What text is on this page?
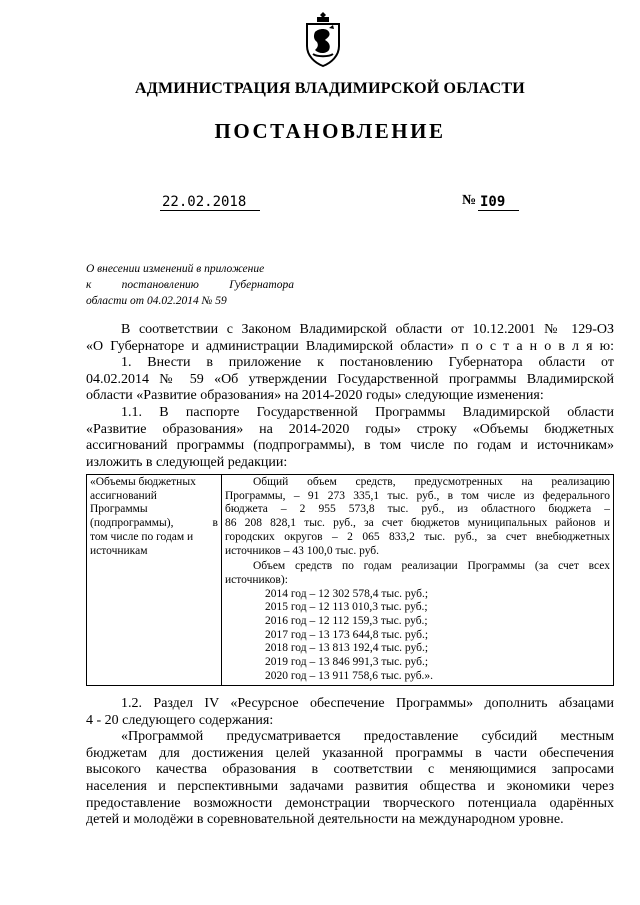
АДМИНИСТРАЦИЯ ВЛАДИМИРСКОЙ ОБЛАСТИ
ПОСТАНОВЛЕНИЕ
22.02.2018	№ I09
О внесении изменений в приложение
к постановлению Губернатора
области от 04.02.2014 № 59
В соответствии с Законом Владимирской области от 10.12.2001 № 129-ОЗ
«О Губернаторе и администрации Владимирской области» п о с т а н о в л я ю:
1. Внести в приложение к постановлению Губернатора области от
04.02.2014 № 59 «Об утверждении Государственной программы Владимирской
области «Развитие образования» на 2014-2020 годы» следующие изменения:
1.1. В паспорте Государственной Программы Владимирской области
«Развитие образования» на 2014-2020 годы» строку «Объемы бюджетных
ассигнований программы (подпрограммы), в том числе по годам и источникам»
изложить в следующей редакции:
«Объемы бюджетных
ассигнований
Программы
(подпрограммы), в
том числе по годам и
источникам

Общий объем средств, предусмотренных на реализацию
Программы, – 91 273 335,1 тыс. руб., в том числе из федерального
бюджета – 2 955 573,8 тыс. руб., из областного бюджета –
86 208 828,1 тыс. руб., за счет бюджетов муниципальных районов и
городских округов – 2 065 833,2 тыс. руб., за счет внебюджетных
источников – 43 100,0 тыс. руб.
Объем средств по годам реализации Программы (за счет всех
источников):
2014 год – 12 302 578,4 тыс. руб.;
2015 год – 12 113 010,3 тыс. руб.;
2016 год – 12 112 159,3 тыс. руб.;
2017 год – 13 173 644,8 тыс. руб.;
2018 год – 13 813 192,4 тыс. руб.;
2019 год – 13 846 991,3 тыс. руб.;
2020 год – 13 911 758,6 тыс. руб.».
1.2. Раздел IV «Ресурсное обеспечение Программы» дополнить абзацами
4 - 20 следующего содержания:
«Программой предусматривается предоставление субсидий местным
бюджетам для достижения целей указанной программы в части обеспечения
высокого качества образования в соответствии с меняющимися запросами
населения и перспективными задачами развития общества и экономики через
предоставление возможности демонстрации творческого потенциала одарённых
детей и молодёжи в соревновательной деятельности на международном уровне.
